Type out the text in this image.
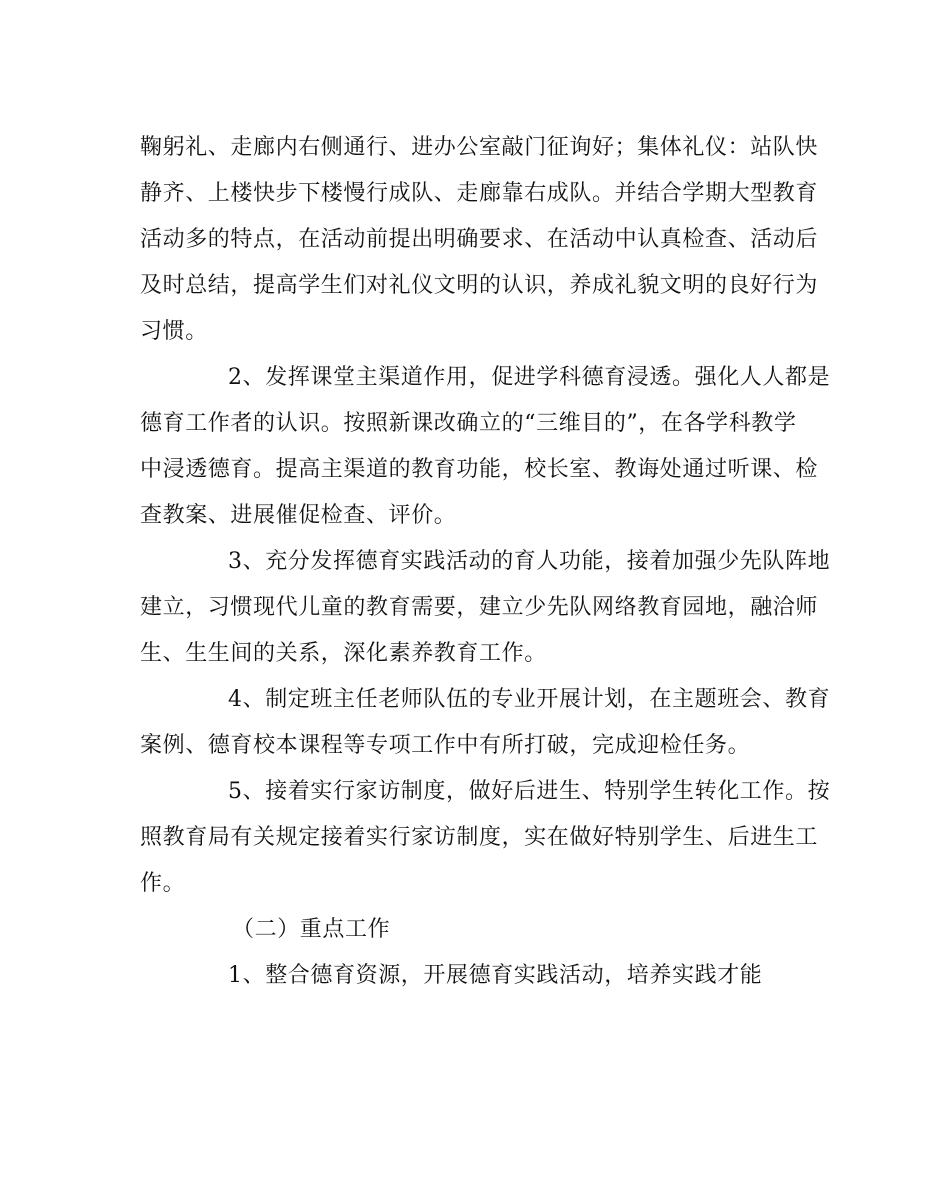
鞠躬礼、走廊内右侧通行、进办公室敲门征询好；集体礼仪：站队快
静齐、上楼快步下楼慢行成队、走廊靠右成队。并结合学期大型教育
活动多的特点，在活动前提出明确要求、在活动中认真检查、活动后
及时总结，提高学生们对礼仪文明的认识，养成礼貌文明的良好行为
习惯。

2、发挥课堂主渠道作用，促进学科德育浸透。强化人人都是
德育工作者的认识。按照新课改确立的“三维目的”，在各学科教学
中浸透德育。提高主渠道的教育功能，校长室、教诲处通过听课、检
查教案、进展催促检查、评价。

3、充分发挥德育实践活动的育人功能，接着加强少先队阵地
建立，习惯现代儿童的教育需要，建立少先队网络教育园地，融洽师
生、生生间的关系，深化素养教育工作。

4、制定班主任老师队伍的专业开展计划，在主题班会、教育
案例、德育校本课程等专项工作中有所打破，完成迎检任务。

5、接着实行家访制度，做好后进生、特别学生转化工作。按
照教育局有关规定接着实行家访制度，实在做好特别学生、后进生工
作。

（二）重点工作

1、整合德育资源，开展德育实践活动，培养实践才能
